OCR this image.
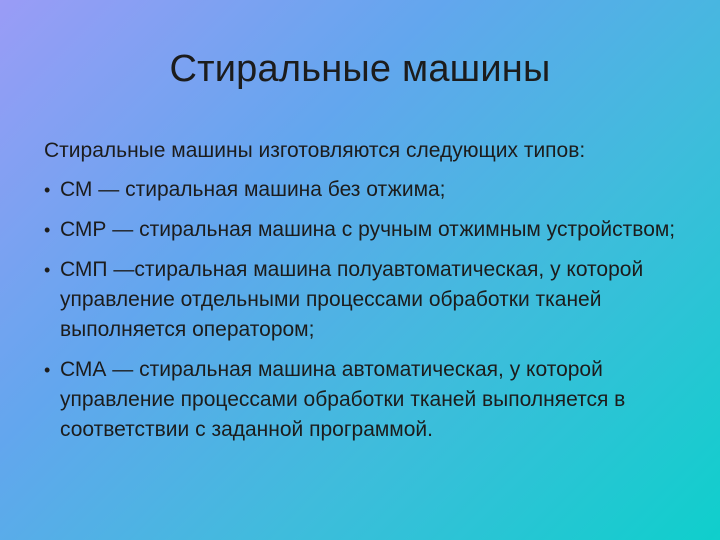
Стиральные машины

Стиральные машины изготовляются следующих типов:

• СМ — стиральная машина без отжима;
• СМР — стиральная машина с ручным отжимным устройством;
• СМП —стиральная машина полуавтоматическая, у которой управление отдельными процессами обработки тканей выполняется оператором;
• СМА — стиральная машина автоматическая, у которой управление процессами обработки тканей выполняется в соответствии с заданной программой.
